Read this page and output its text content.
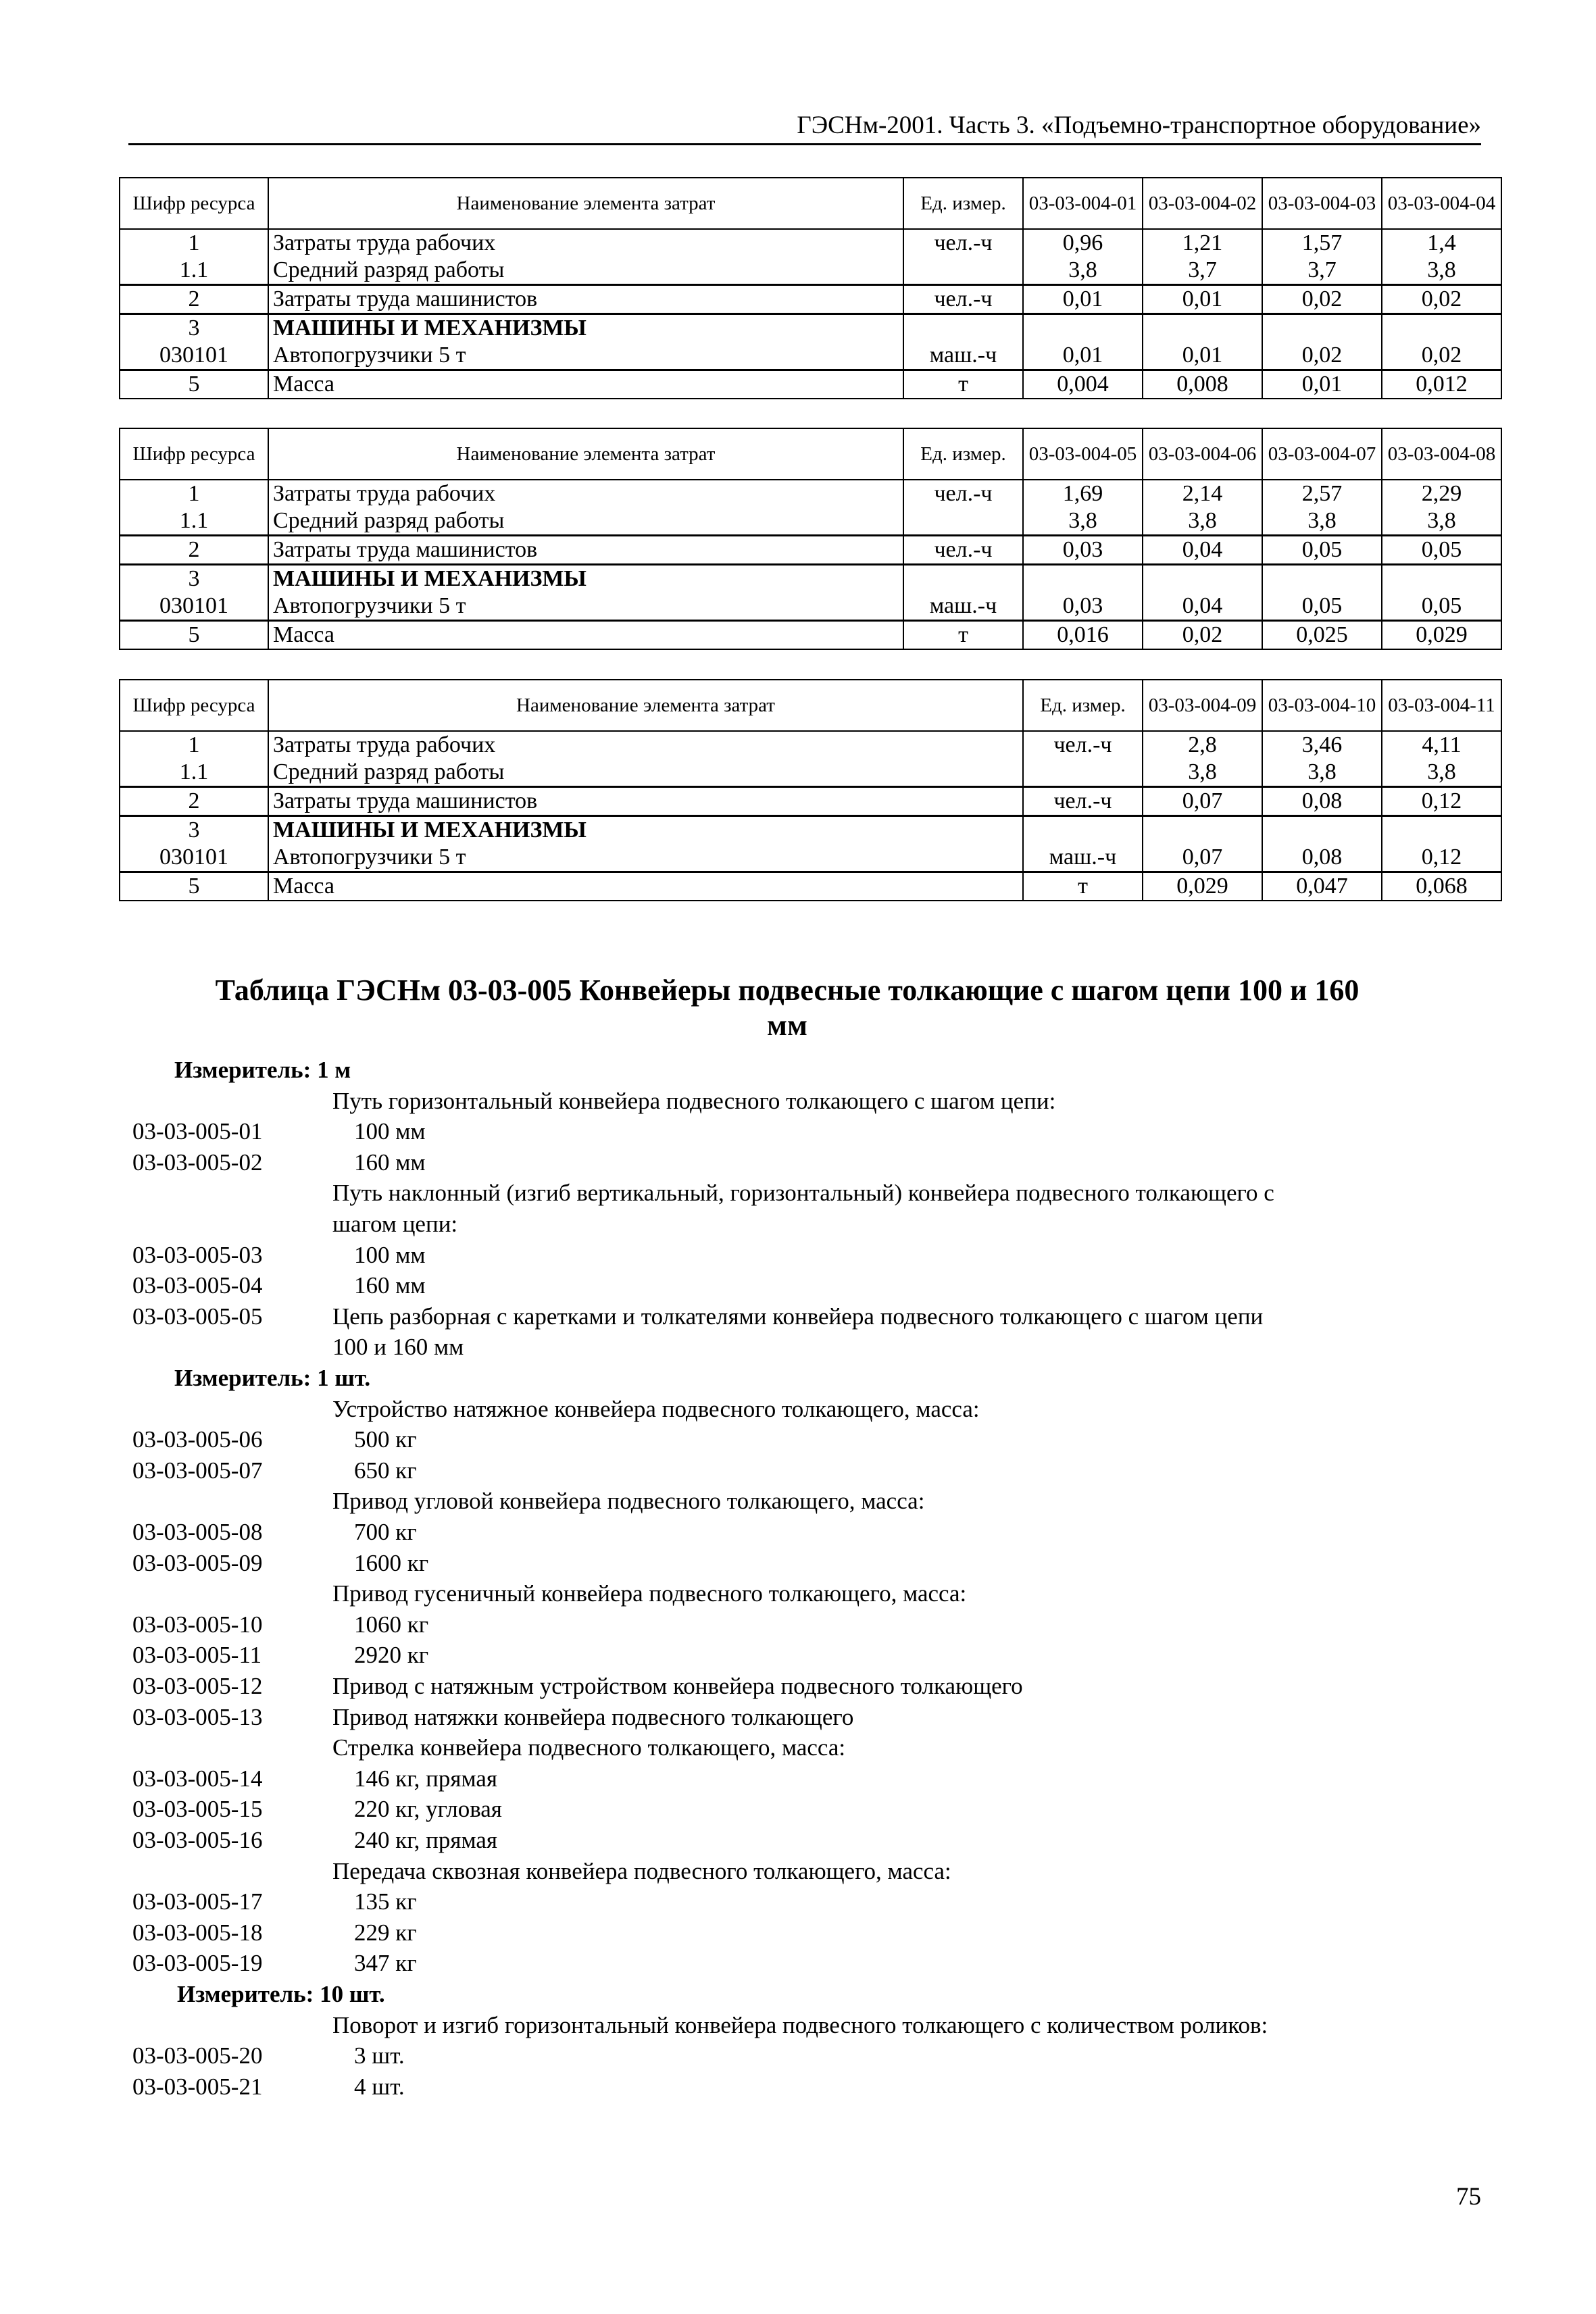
ГЭСНм-2001. Часть 3. «Подъемно-транспортное оборудование»
Шифр ресурса	Наименование элемента затрат	Ед. измер.	03-03-004-01	03-03-004-02	03-03-004-03	03-03-004-04
1	Затраты труда рабочих	чел.-ч	0,96	1,21	1,57	1,4
1.1	Средний разряд работы		3,8	3,7	3,7	3,8
2	Затраты труда машинистов	чел.-ч	0,01	0,01	0,02	0,02
3	МАШИНЫ И МЕХАНИЗМЫ					
030101	Автопогрузчики 5 т	маш.-ч	0,01	0,01	0,02	0,02
5	Масса	т	0,004	0,008	0,01	0,012
Шифр ресурса	Наименование элемента затрат	Ед. измер.	03-03-004-05	03-03-004-06	03-03-004-07	03-03-004-08
1	Затраты труда рабочих	чел.-ч	1,69	2,14	2,57	2,29
1.1	Средний разряд работы		3,8	3,8	3,8	3,8
2	Затраты труда машинистов	чел.-ч	0,03	0,04	0,05	0,05
3	МАШИНЫ И МЕХАНИЗМЫ					
030101	Автопогрузчики 5 т	маш.-ч	0,03	0,04	0,05	0,05
5	Масса	т	0,016	0,02	0,025	0,029
Шифр ресурса	Наименование элемента затрат	Ед. измер.	03-03-004-09	03-03-004-10	03-03-004-11
1	Затраты труда рабочих	чел.-ч	2,8	3,46	4,11
1.1	Средний разряд работы		3,8	3,8	3,8
2	Затраты труда машинистов	чел.-ч	0,07	0,08	0,12
3	МАШИНЫ И МЕХАНИЗМЫ				
030101	Автопогрузчики 5 т	маш.-ч	0,07	0,08	0,12
5	Масса	т	0,029	0,047	0,068
Таблица ГЭСНм 03-03-005 Конвейеры подвесные толкающие с шагом цепи 100 и 160
мм
Измеритель: 1 м
Путь горизонтальный конвейера подвесного толкающего с шагом цепи:
03-03-005-01	100 мм
03-03-005-02	160 мм
Путь наклонный (изгиб вертикальный, горизонтальный) конвейера подвесного толкающего с
шагом цепи:
03-03-005-03	100 мм
03-03-005-04	160 мм
03-03-005-05	Цепь разборная с каретками и толкателями конвейера подвесного толкающего с шагом цепи
100 и 160 мм
Измеритель: 1 шт.
Устройство натяжное конвейера подвесного толкающего, масса:
03-03-005-06	500 кг
03-03-005-07	650 кг
Привод угловой конвейера подвесного толкающего, масса:
03-03-005-08	700 кг
03-03-005-09	1600 кг
Привод гусеничный конвейера подвесного толкающего, масса:
03-03-005-10	1060 кг
03-03-005-11	2920 кг
03-03-005-12	Привод с натяжным устройством конвейера подвесного толкающего
03-03-005-13	Привод натяжки конвейера подвесного толкающего
Стрелка конвейера подвесного толкающего, масса:
03-03-005-14	146 кг, прямая
03-03-005-15	220 кг, угловая
03-03-005-16	240 кг, прямая
Передача сквозная конвейера подвесного толкающего, масса:
03-03-005-17	135 кг
03-03-005-18	229 кг
03-03-005-19	347 кг
Измеритель: 10 шт.
Поворот и изгиб горизонтальный конвейера подвесного толкающего с количеством роликов:
03-03-005-20	3 шт.
03-03-005-21	4 шт.
75
